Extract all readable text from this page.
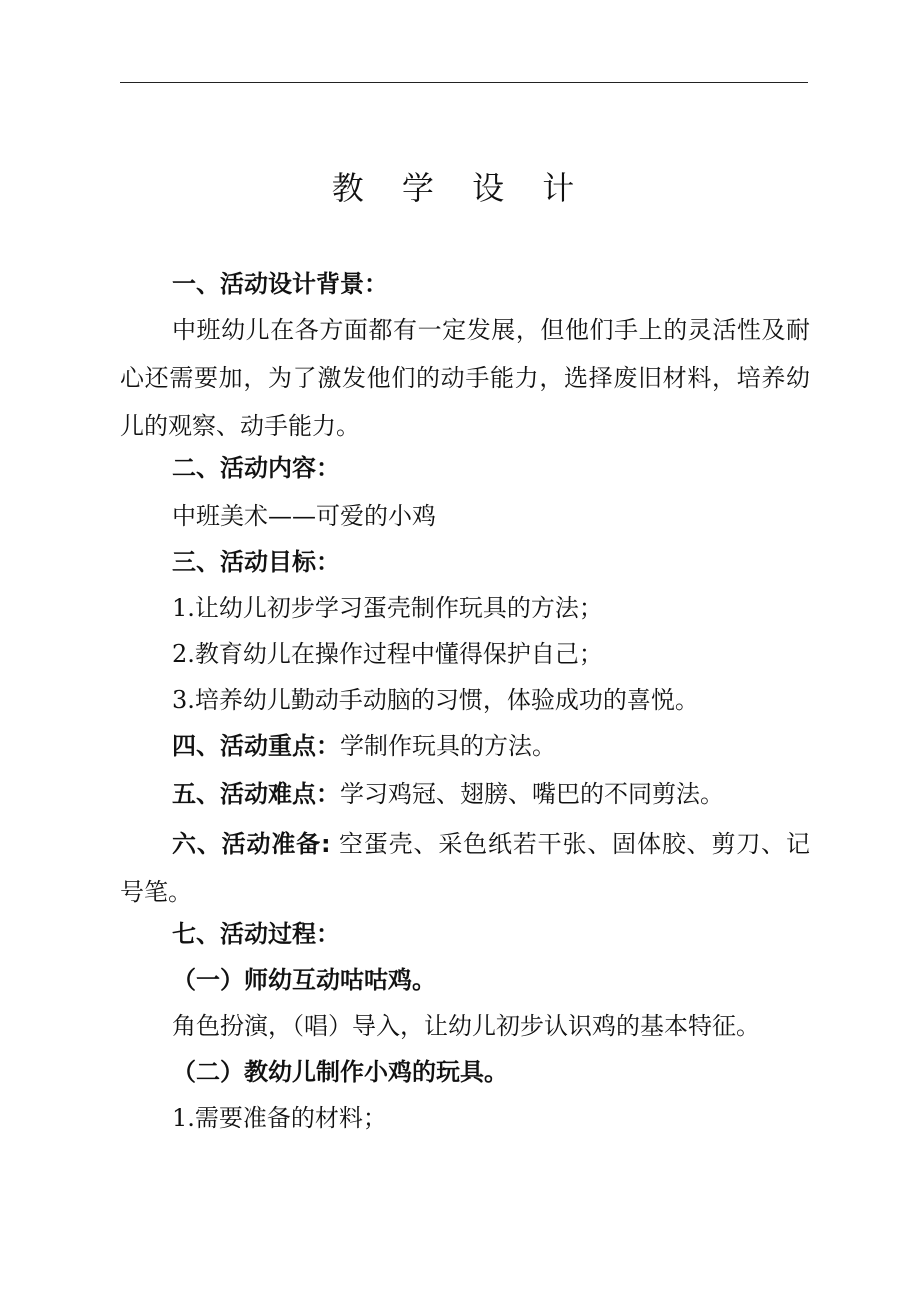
教 学 设 计
一、活动设计背景：
中班幼儿在各方面都有一定发展，但他们手上的灵活性及耐心还需要加，为了激发他们的动手能力，选择废旧材料，培养幼儿的观察、动手能力。
二、活动内容：
中班美术——可爱的小鸡
三、活动目标：
1.让幼儿初步学习蛋壳制作玩具的方法；
2.教育幼儿在操作过程中懂得保护自己；
3.培养幼儿勤动手动脑的习惯，体验成功的喜悦。
四、活动重点：学制作玩具的方法。
五、活动难点：学习鸡冠、翅膀、嘴巴的不同剪法。
六、活动准备: 空蛋壳、采色纸若干张、固体胶、剪刀、记号笔。
七、活动过程：
（一）师幼互动咕咕鸡。
角色扮演，（唱）导入，让幼儿初步认识鸡的基本特征。
（二）教幼儿制作小鸡的玩具。
1.需要准备的材料；
